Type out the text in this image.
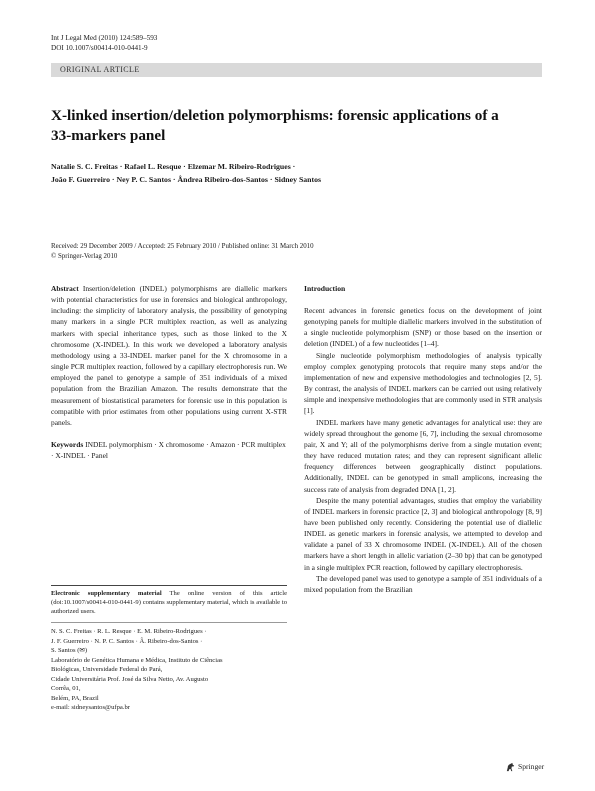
Int J Legal Med (2010) 124:589–593
DOI 10.1007/s00414-010-0441-9
ORIGINAL ARTICLE
X-linked insertion/deletion polymorphisms: forensic applications of a 33-markers panel
Natalie S. C. Freitas · Rafael L. Resque · Elzemar M. Ribeiro-Rodrigues ·
João F. Guerreiro · Ney P. C. Santos · Ândrea Ribeiro-dos-Santos · Sidney Santos
Received: 29 December 2009 / Accepted: 25 February 2010 / Published online: 31 March 2010
© Springer-Verlag 2010

Abstract Insertion/deletion (INDEL) polymorphisms are diallelic markers with potential characteristics for use in forensics and biological anthropology, including: the simplicity of laboratory analysis, the possibility of genotyping many markers in a single PCR multiplex reaction, as well as analyzing markers with special inheritance types, such as those linked to the X chromosome (X-INDEL). In this work we developed a laboratory analysis methodology using a 33-INDEL marker panel for the X chromosome in a single PCR multiplex reaction, followed by a capillary electrophoresis run. We employed the panel to genotype a sample of 351 individuals of a mixed population from the Brazilian Amazon. The results demonstrate that the measurement of biostatistical parameters for forensic use in this population is compatible with prior estimates from other populations using current X-STR panels.

Keywords INDEL polymorphism · X chromosome · Amazon · PCR multiplex · X-INDEL · Panel

Electronic supplementary material The online version of this article (doi:10.1007/s00414-010-0441-9) contains supplementary material, which is available to authorized users.
N. S. C. Freitas · R. L. Resque · E. M. Ribeiro-Rodrigues ·
J. F. Guerreiro · N. P. C. Santos · Â. Ribeiro-dos-Santos ·
S. Santos (✉)
Laboratório de Genética Humana e Médica, Instituto de Ciências
Biológicas, Universidade Federal do Pará,
Cidade Universitária Prof. José da Silva Netto, Av. Augusto
Corrêa, 01,
Belém, PA, Brazil
e-mail: sidneysantos@ufpa.br

Introduction

Recent advances in forensic genetics focus on the development of joint genotyping panels for multiple diallelic markers involved in the substitution of a single nucleotide polymorphism (SNP) or those based on the insertion or deletion (INDEL) of a few nucleotides [1–4].

Single nucleotide polymorphism methodologies of analysis typically employ complex genotyping protocols that require many steps and/or the implementation of new and expensive methodologies and technologies [2, 5]. By contrast, the analysis of INDEL markers can be carried out using relatively simple and inexpensive methodologies that are commonly used in STR analysis [1].

INDEL markers have many genetic advantages for analytical use: they are widely spread throughout the genome [6, 7], including the sexual chromosome pair, X and Y; all of the polymorphisms derive from a single mutation event; they have reduced mutation rates; and they can represent significant allelic frequency differences between geographically distinct populations. Additionally, INDEL can be genotyped in small amplicons, increasing the success rate of analysis from degraded DNA [1, 2].

Despite the many potential advantages, studies that employ the variability of INDEL markers in forensic practice [2, 3] and biological anthropology [8, 9] have been published only recently. Considering the potential use of diallelic INDEL as genetic markers in forensic analysis, we attempted to develop and validate a panel of 33 X chromosome INDEL (X-INDEL). All of the chosen markers have a short length in allelic variation (2–30 bp) that can be genotyped in a single multiplex PCR reaction, followed by capillary electrophoresis.

The developed panel was used to genotype a sample of 351 individuals of a mixed population from the Brazilian

Springer
